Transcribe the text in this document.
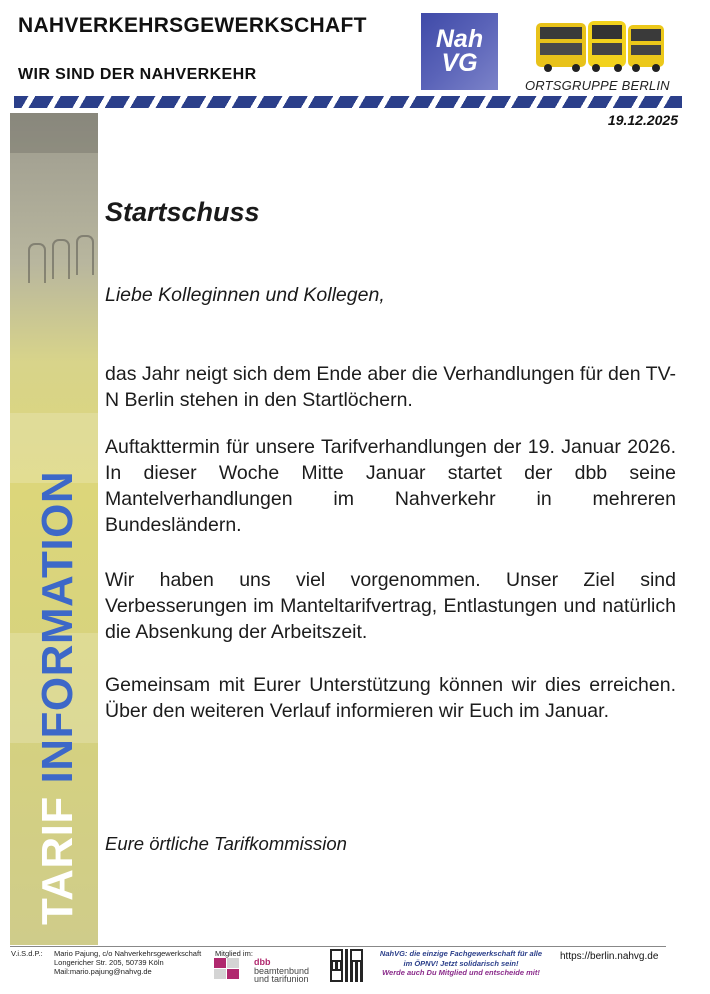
NAHVERKEHRSGEWERKSCHAFT
WIR SIND DER NAHVERKEHR
Nah
VG
ORTSGRUPPE BERLIN
19.12.2025
TARIF INFORMATION
Startschuss
Liebe Kolleginnen und Kollegen,
das Jahr neigt sich dem Ende aber die Verhandlungen für den TV-N Berlin stehen in den Startlöchern.
Auftakttermin für unsere Tarifverhandlungen der 19. Januar 2026. In dieser Woche Mitte Januar startet der dbb seine Mantelverhandlungen im Nahverkehr in mehreren Bundesländern.
Wir haben uns viel vorgenommen. Unser Ziel sind Verbesserungen im Manteltarifvertrag, Entlastungen und natürlich die Absenkung der Arbeitszeit.
Gemeinsam mit Eurer Unterstützung können wir dies erreichen. Über den weiteren Verlauf informieren wir Euch im Januar.
Eure örtliche Tarifkommission
V.i.S.d.P.: Mario Pajung, c/o Nahverkehrsgewerkschaft
Longericher Str. 205, 50739 Köln
Mail:mario.pajung@nahvg.de
Mitglied im:
dbb
beamtenbund
und tarifunion
NahVG: die einzige Fachgewerkschaft für alle
im ÖPNV! Jetzt solidarisch sein!
Werde auch Du Mitglied und entscheide mit!
https://berlin.nahvg.de
